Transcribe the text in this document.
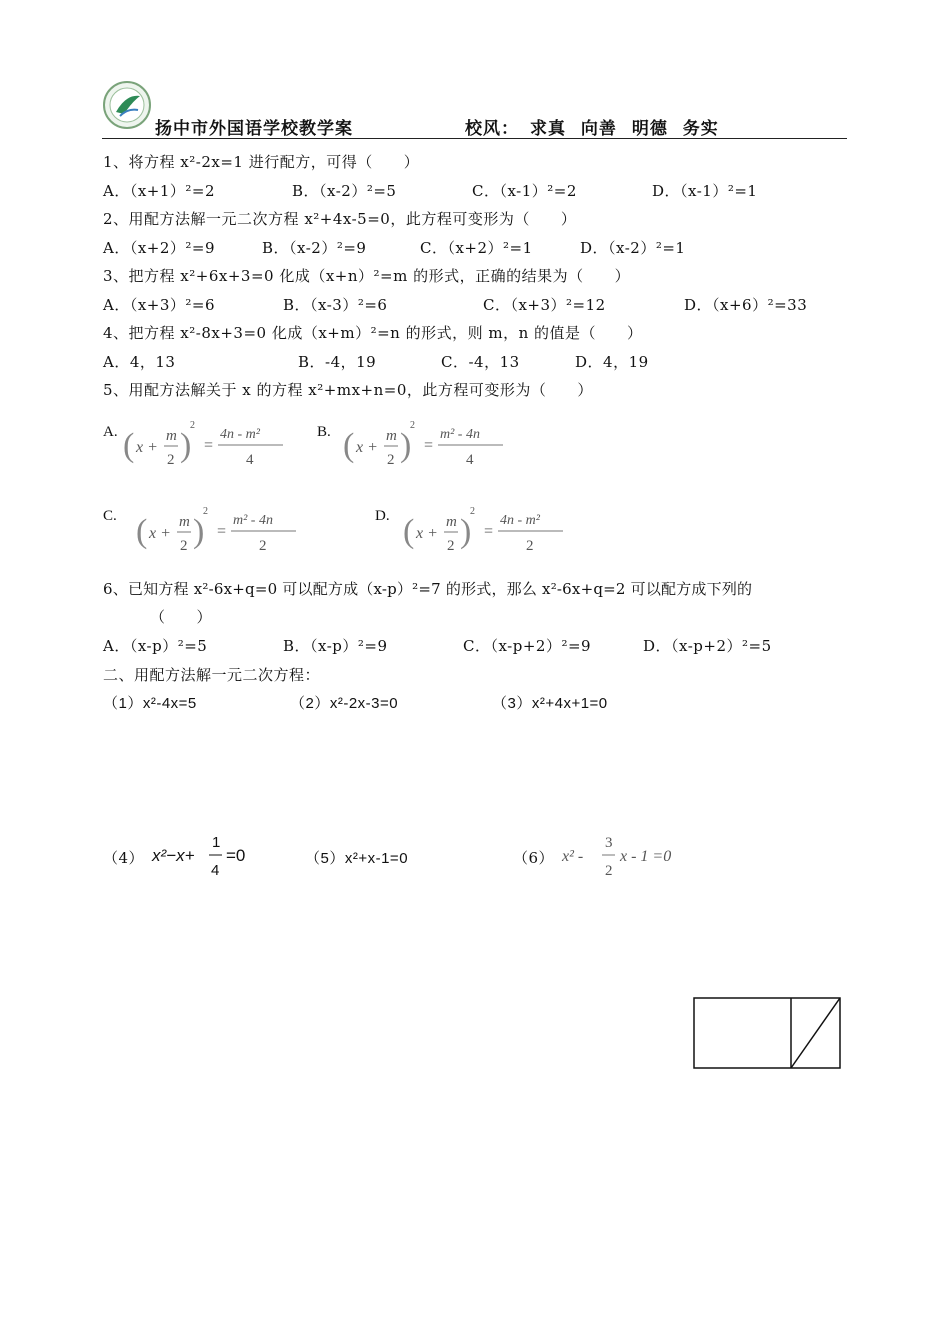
扬中市外国语学校教学案	校风： 求真 向善 明德 务实
1、将方程 x²-2x=1 进行配方，可得（　　）
A．（x+1）²=2	B．（x-2）²=5	C．（x-1）²=2	D．（x-1）²=1
2、用配方法解一元二次方程 x²+4x-5=0，此方程可变形为（　　）
A．（x+2）²=9	B．（x-2）²=9	C．（x+2）²=1	D．（x-2）²=1
3、把方程 x²+6x+3=0 化成（x+n）²=m 的形式，正确的结果为（　　）
A．（x+3）²=6	B．（x-3）²=6	C．（x+3）²=12	D．（x+6）²=33
4、把方程 x²-8x+3=0 化成（x+m）²=n 的形式，则 m，n 的值是（　　）
A．4，13	B．-4，19	C．-4，13	D．4，19
5、用配方法解关于 x 的方程 x²+mx+n=0，此方程可变形为（　　）
A. ( x +
m
2 )
2
=
4n - m²
4
B. ( x +
m
2 )
2
=
m² - 4n
4
C. ( x +
m
2 )
2
=
m² - 4n
2
D. ( x +
m
2 )
2
=
4n - m²
2
6、已知方程 x²-6x+q=0 可以配方成（x-p）²=7 的形式，那么 x²-6x+q=2 可以配方成下列的
（　　）
A．（x-p）²=5	B．（x-p）²=9	C．（x-p+2）²=9	D．（x-p+2）²=5
二、用配方法解一元二次方程：
（1）x²-4x=5	（2）x²-2x-3=0	（3）x²+4x+1=0
（4） x²−x+
1
4
=0	（5）x²+x-1=0	（6） x² -
3
2
x - 1 =0
